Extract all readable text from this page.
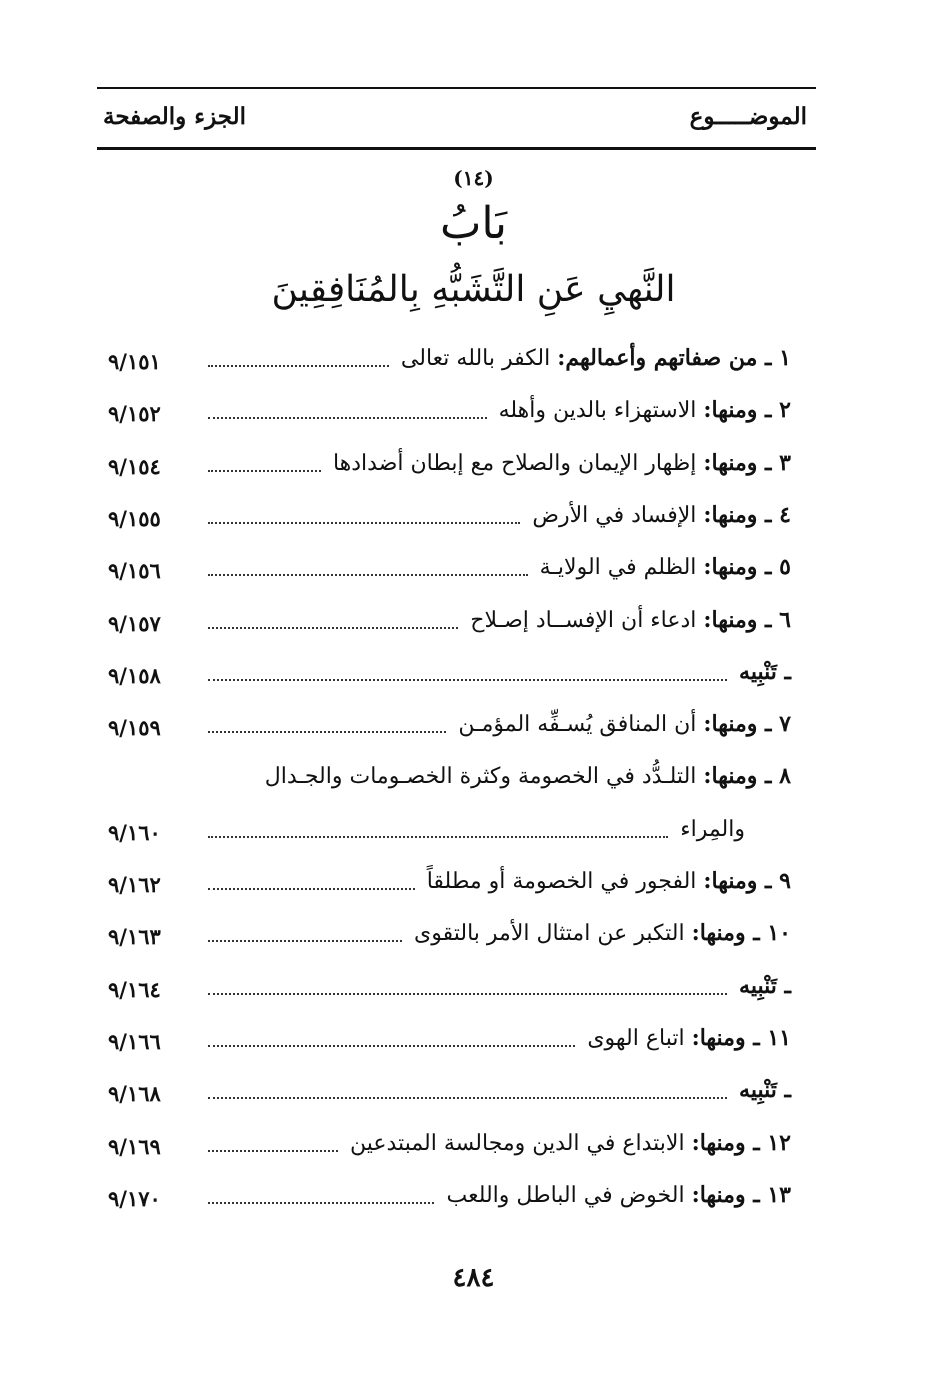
الموضـــــوع
الجزء والصفحة
(١٤)
بَابُ
النَّهيِ عَنِ التَّشَبُّهِ بِالمُنَافِقِينَ
١ ـ من صفاتهم وأعمالهم: الكفر بالله تعالى
٩/١٥١
٢ ـ ومنها: الاستهزاء بالدين وأهله
٩/١٥٢
٣ ـ ومنها: إظهار الإيمان والصلاح مع إبطان أضدادها
٩/١٥٤
٤ ـ ومنها: الإفساد في الأرض
٩/١٥٥
٥ ـ ومنها: الظلم في الولايـة
٩/١٥٦
٦ ـ ومنها: ادعاء أن الإفســاد إصـلاح
٩/١٥٧
ـ تَنْبِيه
٩/١٥٨
٧ ـ ومنها: أن المنافق يُسـفِّه المؤمـن
٩/١٥٩
٨ ـ ومنها: التلـدُّد في الخصومة وكثرة الخصـومات والجـدال
والمِراء
٩/١٦٠
٩ ـ ومنها: الفجور في الخصومة أو مطلقاً
٩/١٦٢
١٠ ـ ومنها: التكبر عن امتثال الأمر بالتقوى
٩/١٦٣
ـ تَنْبِيه
٩/١٦٤
١١ ـ ومنها: اتباع الهوى
٩/١٦٦
ـ تَنْبِيه
٩/١٦٨
١٢ ـ ومنها: الابتداع في الدين ومجالسة المبتدعين
٩/١٦٩
١٣ ـ ومنها: الخوض في الباطل واللعب
٩/١٧٠
٤٨٤
